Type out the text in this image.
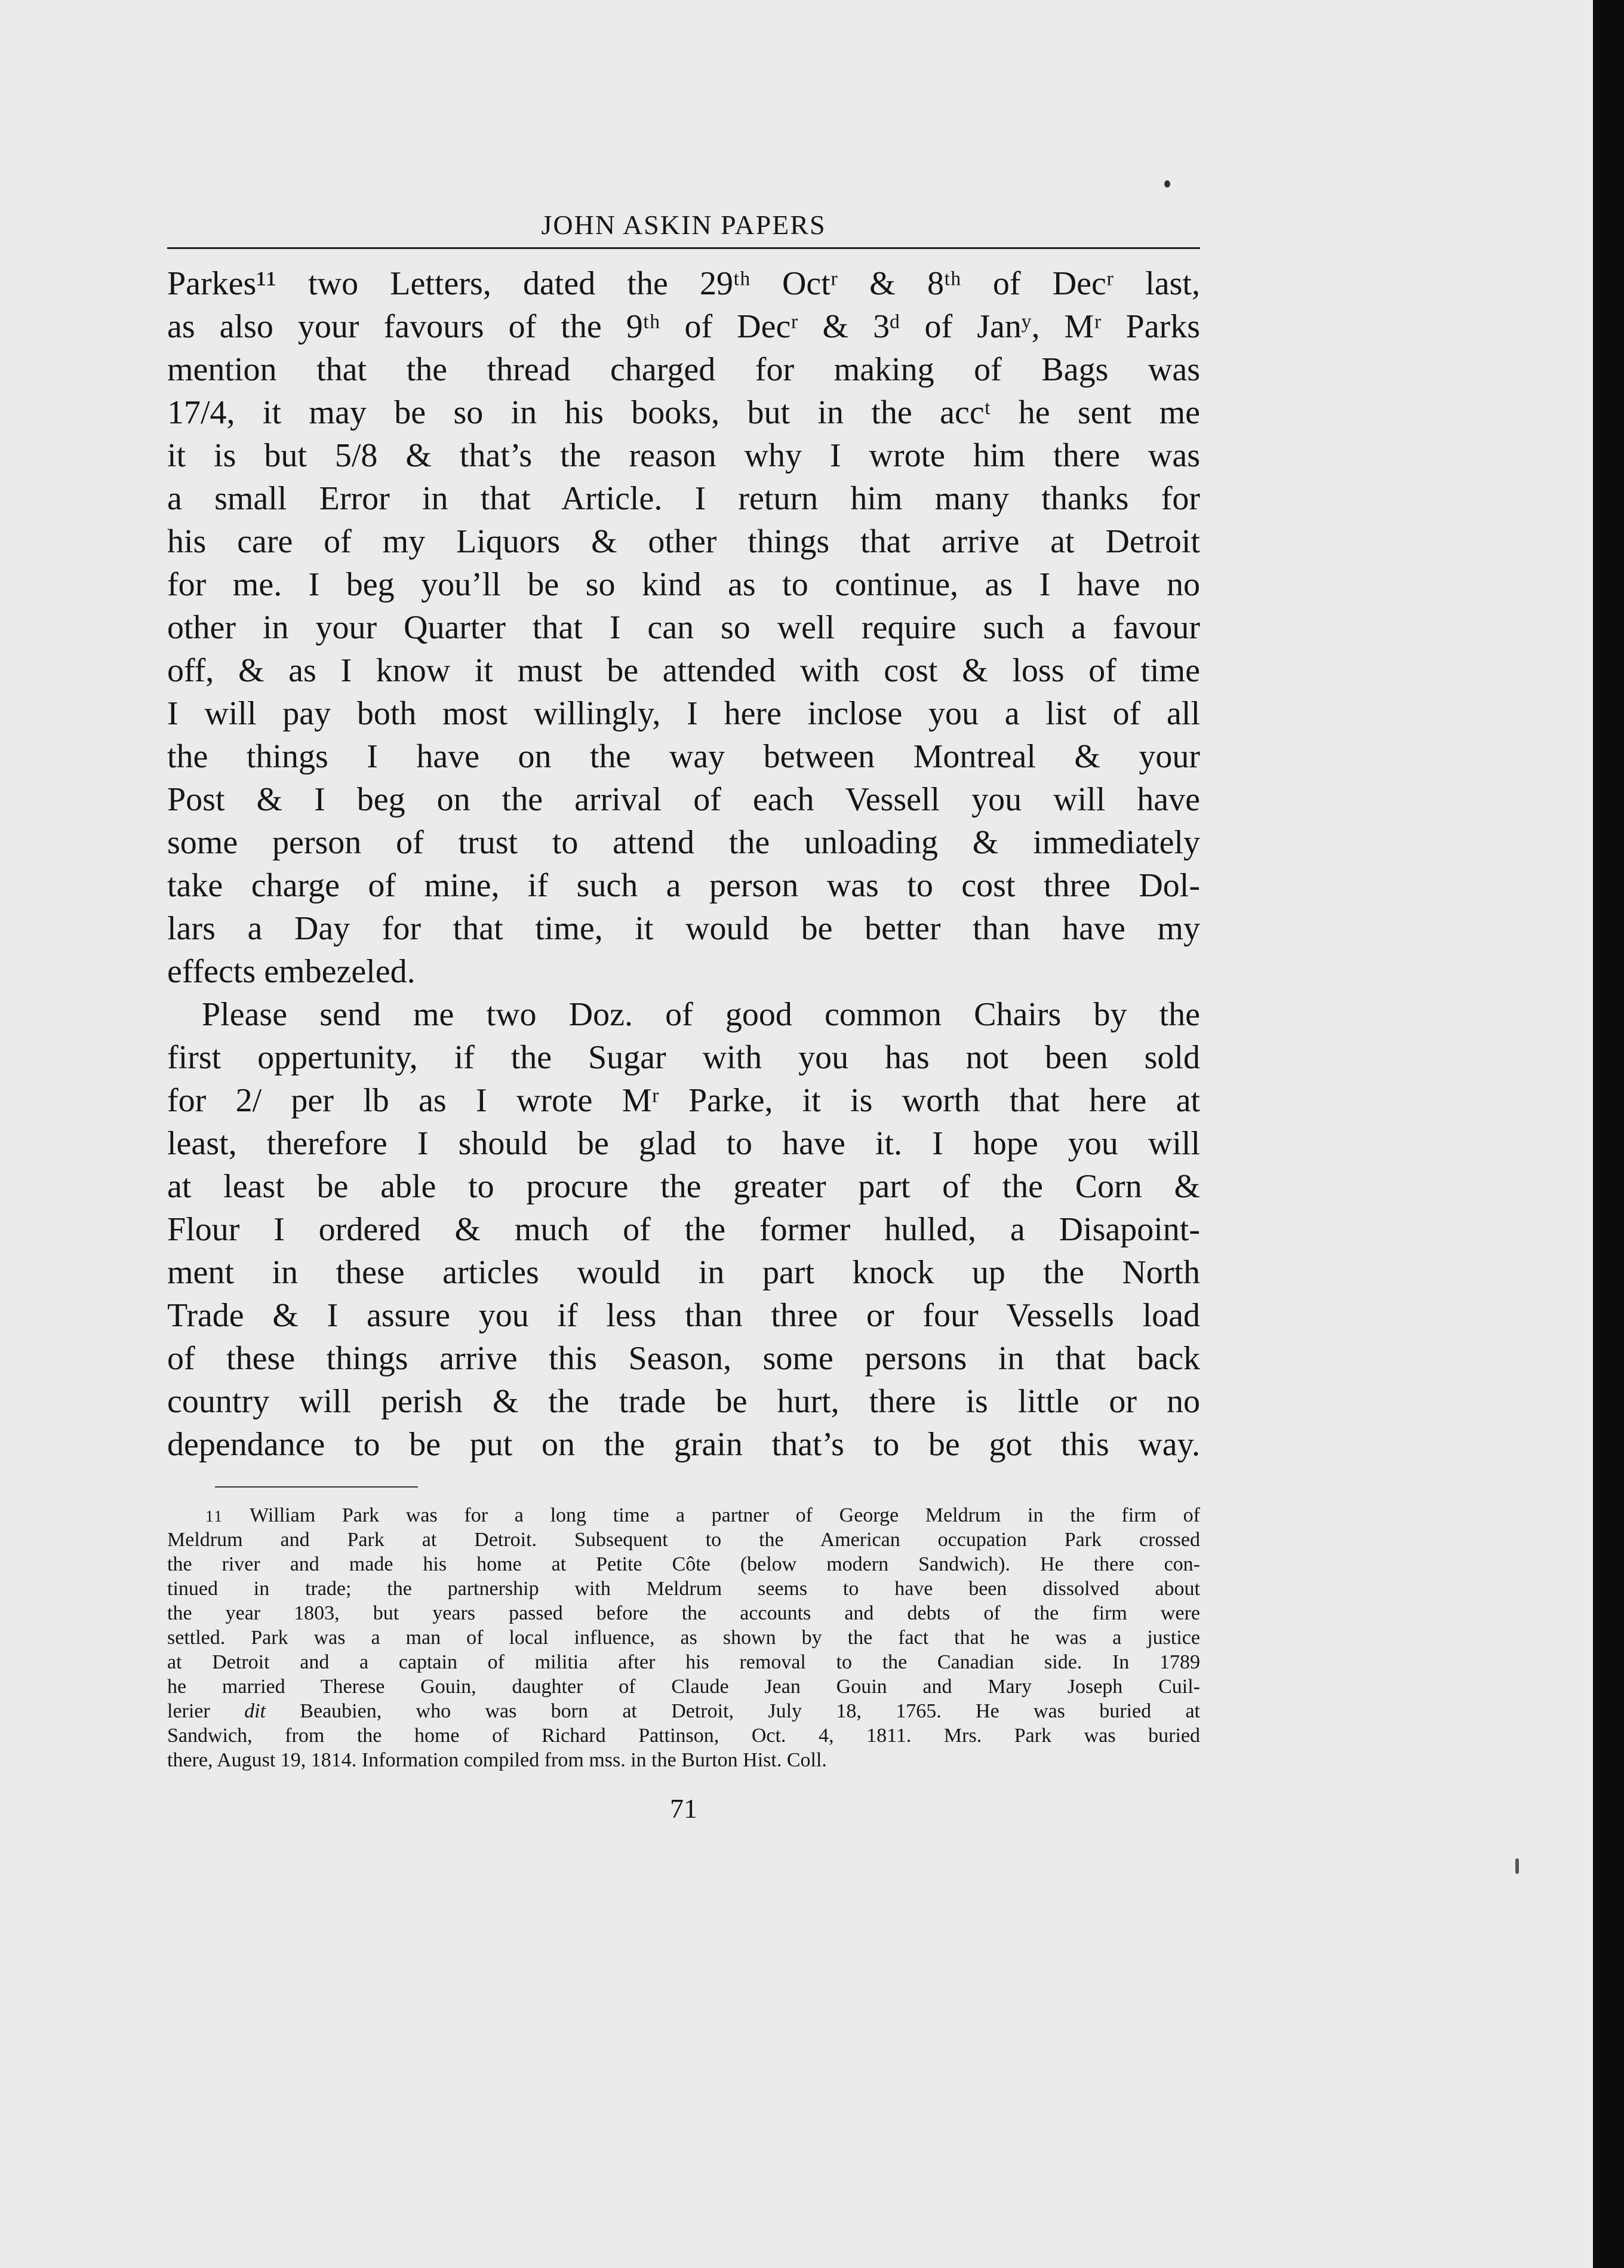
JOHN ASKIN PAPERS
Parkes¹¹ two Letters, dated the 29ᵗʰ Octʳ & 8ᵗʰ of Decʳ last,
as also your favours of the 9ᵗʰ of Decʳ & 3ᵈ of Janʸ, Mʳ Parks
mention that the thread charged for making of Bags was
17/4, it may be so in his books, but in the accᵗ he sent me
it is but 5/8 & that’s the reason why I wrote him there was
a small Error in that Article. I return him many thanks for
his care of my Liquors & other things that arrive at Detroit
for me. I beg you’ll be so kind as to continue, as I have no
other in your Quarter that I can so well require such a favour
off, & as I know it must be attended with cost & loss of time
I will pay both most willingly, I here inclose you a list of all
the things I have on the way between Montreal & your
Post & I beg on the arrival of each Vessell you will have
some person of trust to attend the unloading & immediately
take charge of mine, if such a person was to cost three Dol-
lars a Day for that time, it would be better than have my
effects embezeled.
Please send me two Doz. of good common Chairs by the
first oppertunity, if the Sugar with you has not been sold
for 2/ per lb as I wrote Mʳ Parke, it is worth that here at
least, therefore I should be glad to have it. I hope you will
at least be able to procure the greater part of the Corn &
Flour I ordered & much of the former hulled, a Disapoint-
ment in these articles would in part knock up the North
Trade & I assure you if less than three or four Vessells load
of these things arrive this Season, some persons in that back
country will perish & the trade be hurt, there is little or no
dependance to be put on the grain that’s to be got this way.
11 William Park was for a long time a partner of George Meldrum in the firm of
Meldrum and Park at Detroit. Subsequent to the American occupation Park crossed
the river and made his home at Petite Côte (below modern Sandwich). He there con-
tinued in trade; the partnership with Meldrum seems to have been dissolved about
the year 1803, but years passed before the accounts and debts of the firm were
settled. Park was a man of local influence, as shown by the fact that he was a justice
at Detroit and a captain of militia after his removal to the Canadian side. In 1789
he married Therese Gouin, daughter of Claude Jean Gouin and Mary Joseph Cuil-
lerier dit Beaubien, who was born at Detroit, July 18, 1765. He was buried at
Sandwich, from the home of Richard Pattinson, Oct. 4, 1811. Mrs. Park was buried
there, August 19, 1814. Information compiled from mss. in the Burton Hist. Coll.
71
